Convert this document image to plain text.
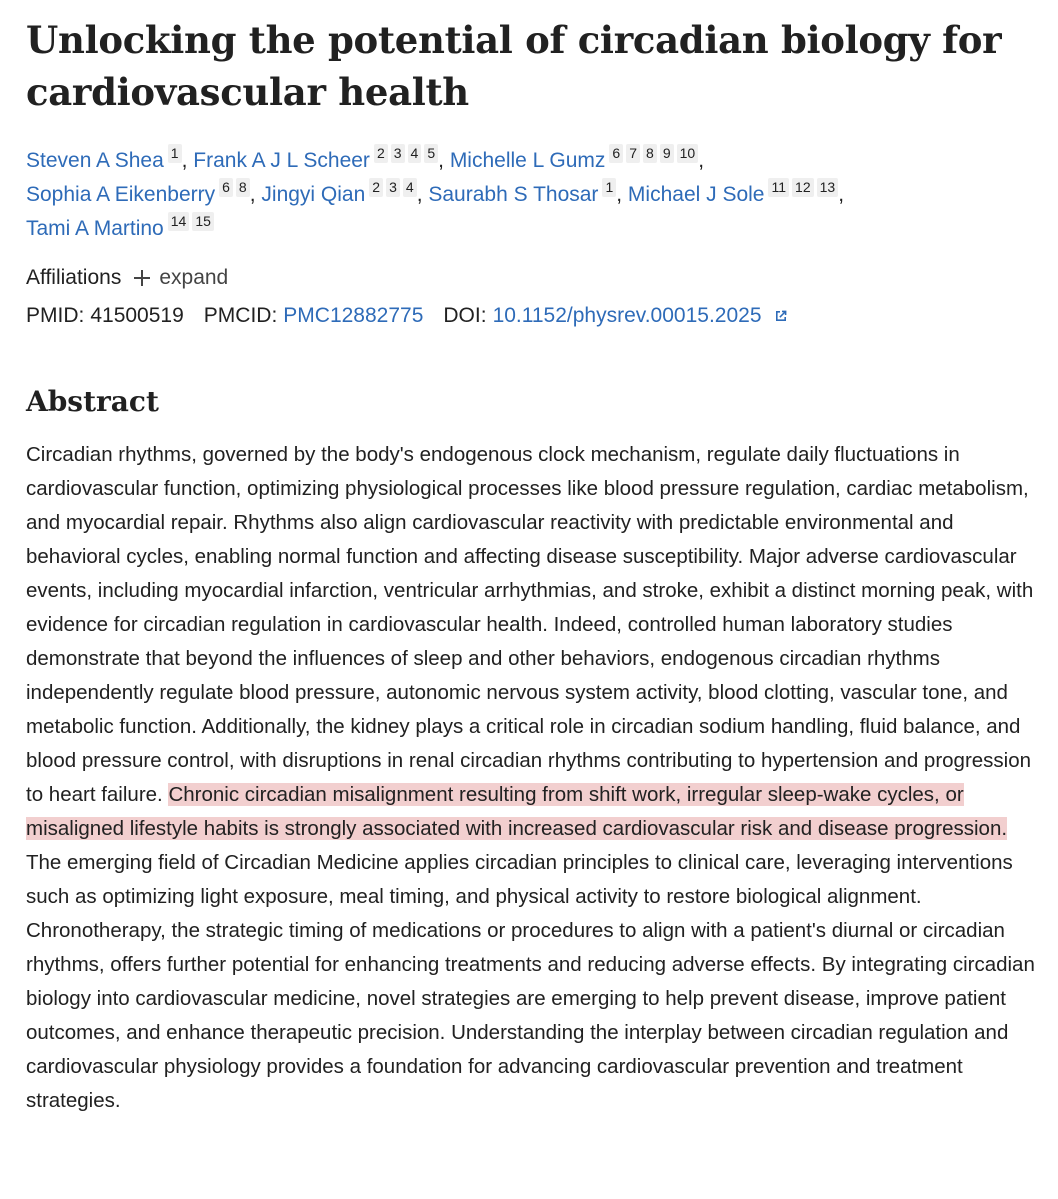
Unlocking the potential of circadian biology for cardiovascular health
Steven A Shea 1 , Frank A J L Scheer 2 3 4 5 , Michelle L Gumz 6 7 8 9 10 ,
Sophia A Eikenberry 6 8 , Jingyi Qian 2 3 4 , Saurabh S Thosar 1 , Michael J Sole 11 12 13 ,
Tami A Martino 14 15
Affiliations expand
PMID: 41500519 PMCID: PMC12882775 DOI: 10.1152/physrev.00015.2025
Abstract
Circadian rhythms, governed by the body's endogenous clock mechanism, regulate daily fluctuations in cardiovascular function, optimizing physiological processes like blood pressure regulation, cardiac metabolism, and myocardial repair. Rhythms also align cardiovascular reactivity with predictable environmental and behavioral cycles, enabling normal function and affecting disease susceptibility. Major adverse cardiovascular events, including myocardial infarction, ventricular arrhythmias, and stroke, exhibit a distinct morning peak, with evidence for circadian regulation in cardiovascular health. Indeed, controlled human laboratory studies demonstrate that beyond the influences of sleep and other behaviors, endogenous circadian rhythms independently regulate blood pressure, autonomic nervous system activity, blood clotting, vascular tone, and metabolic function. Additionally, the kidney plays a critical role in circadian sodium handling, fluid balance, and blood pressure control, with disruptions in renal circadian rhythms contributing to hypertension and progression to heart failure. Chronic circadian misalignment resulting from shift work, irregular sleep-wake cycles, or misaligned lifestyle habits is strongly associated with increased cardiovascular risk and disease progression. The emerging field of Circadian Medicine applies circadian principles to clinical care, leveraging interventions such as optimizing light exposure, meal timing, and physical activity to restore biological alignment. Chronotherapy, the strategic timing of medications or procedures to align with a patient's diurnal or circadian rhythms, offers further potential for enhancing treatments and reducing adverse effects. By integrating circadian biology into cardiovascular medicine, novel strategies are emerging to help prevent disease, improve patient outcomes, and enhance therapeutic precision. Understanding the interplay between circadian regulation and cardiovascular physiology provides a foundation for advancing cardiovascular prevention and treatment strategies.
